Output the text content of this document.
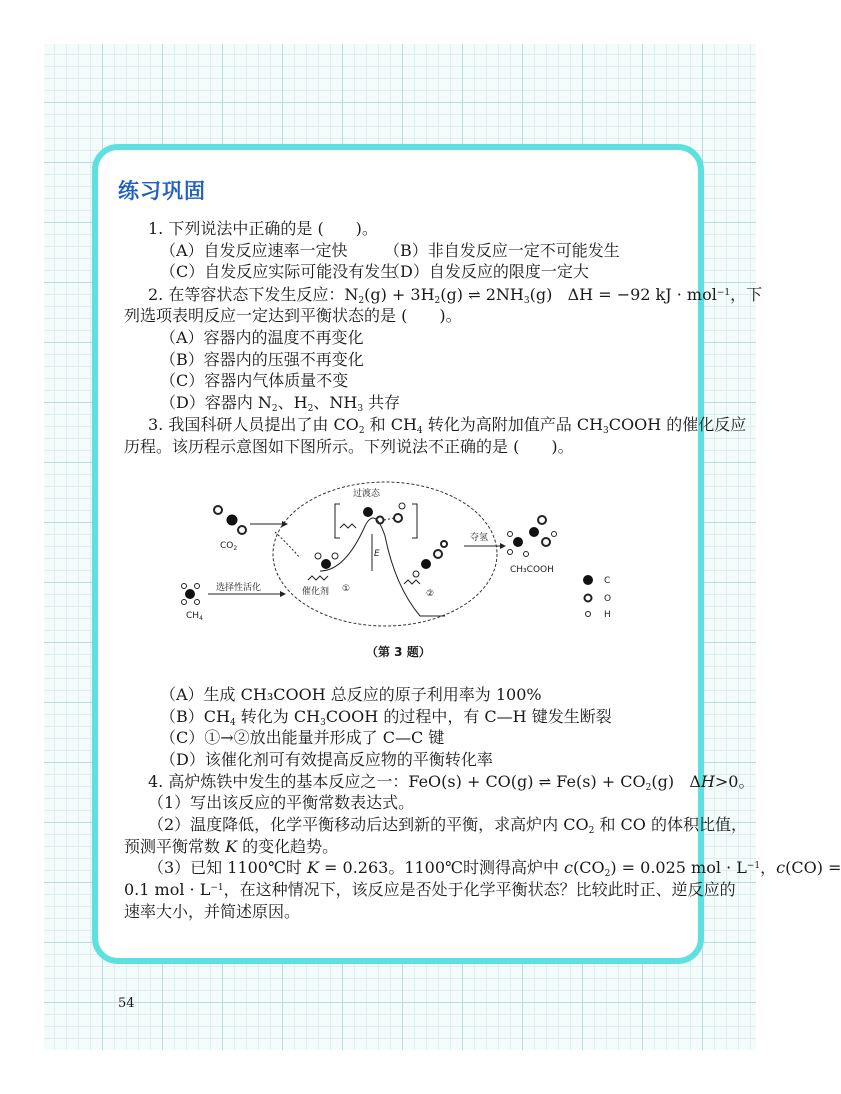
练习巩固
1. 下列说法中正确的是 (　　)。
（A）自发反应速率一定快 （B）非自发反应一定不可能发生
（C）自发反应实际可能没有发生
（D）自发反应的限度一定大
2. 在等容状态下发生反应：$N_2(g) + 3H_2(g)$ ⇌ $2NH_3(g) \Delta H = -92$ kJ · mol$^{-1}$，下
列选项表明反应一定达到平衡状态的是 (　　)。
（A）容器内的温度不再变化
（B）容器内的压强不再变化
（C）容器内气体质量不变
（D）容器内 $N_2$、$H_2$、$NH_3$ 共存
3. 我国科研人员提出了由 $CO_2$ 和 $CH_4$ 转化为高附加值产品 $CH_3COOH$ 的催化反应
历程。该历程示意图如下图所示。下列说法不正确的是 (　　)。
$CO_2$
$CH_4$
选择性活化
过渡态
E
催化剂 ①	②
夺氢
CH₃COOH
C
O
H
（第 3 题）
（A）生成 CH₃COOH 总反应的原子利用率为 100%
$(B)CH_4$ 转化为 $CH_3COOH$ 的过程中，有 C—H 键发生断裂
（C）①→②放出能量并形成了 C—C 键
（D）该催化剂可有效提高反应物的平衡转化率
4. 高炉炼铁中发生的基本反应之一：FeO(s) + CO(g) ⇌ $Fe(s) + CO_2(g)$   ΔH>0。
（1）写出该反应的平衡常数表达式。
（2）温度降低，化学平衡移动后达到新的平衡，求高炉内 $CO_2$ 和 CO 的体积比值，
预测平衡常数 K 的变化趋势。
（3）已知 1100℃时 K = 0.263。1100℃时测得高炉中 $c(CO_2) = 0.025$ mol · $L^{-1}$，c(CO) =
0.1 mol · $L^{-1}$，在这种情况下，该反应是否处于化学平衡状态？比较此时正、逆反应的
速率大小，并简述原因。
54
